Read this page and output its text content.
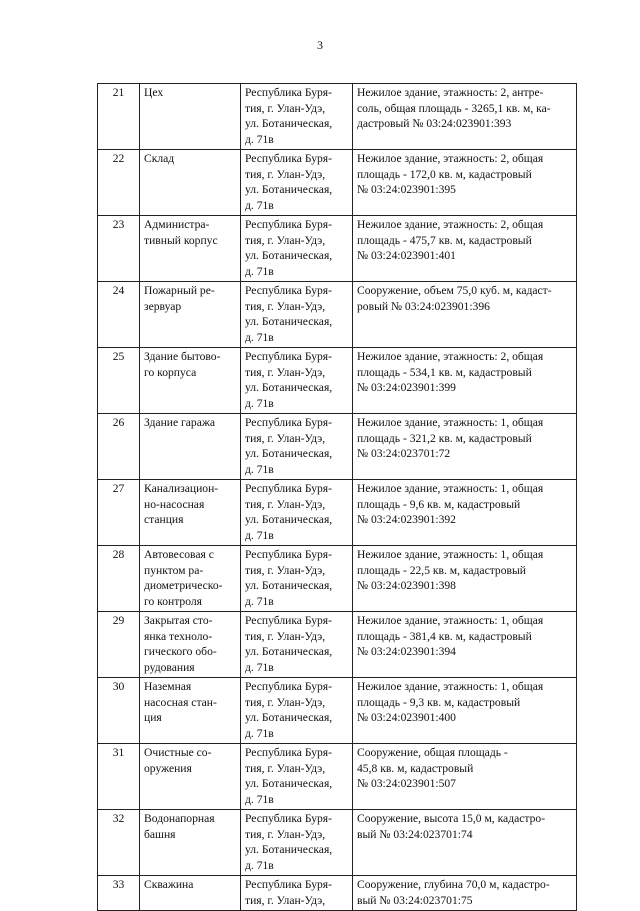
3
21	Цех	Республика Буря-
тия, г. Улан-Удэ,
ул. Ботаническая,
д. 71в	Нежилое здание, этажность: 2, антре-
соль, общая площадь - 3265,1 кв. м, ка-
дастровый № 03:24:023901:393

22	Склад	Республика Буря-
тия, г. Улан-Удэ,
ул. Ботаническая,
д. 71в	Нежилое здание, этажность: 2, общая
площадь - 172,0 кв. м, кадастровый
№ 03:24:023901:395

23	Администра-
тивный корпус	Республика Буря-
тия, г. Улан-Удэ,
ул. Ботаническая,
д. 71в	Нежилое здание, этажность: 2, общая
площадь - 475,7 кв. м, кадастровый
№ 03:24:023901:401

24	Пожарный ре-
зервуар	Республика Буря-
тия, г. Улан-Удэ,
ул. Ботаническая,
д. 71в	Сооружение, объем 75,0 куб. м, кадаст-
ровый № 03:24:023901:396

25	Здание бытово-
го корпуса	Республика Буря-
тия, г. Улан-Удэ,
ул. Ботаническая,
д. 71в	Нежилое здание, этажность: 2, общая
площадь - 534,1 кв. м, кадастровый
№ 03:24:023901:399

26	Здание гаража	Республика Буря-
тия, г. Улан-Удэ,
ул. Ботаническая,
д. 71в	Нежилое здание, этажность: 1, общая
площадь - 321,2 кв. м, кадастровый
№ 03:24:023701:72

27	Канализацион-
но-насосная
станция	Республика Буря-
тия, г. Улан-Удэ,
ул. Ботаническая,
д. 71в	Нежилое здание, этажность: 1, общая
площадь - 9,6 кв. м, кадастровый
№ 03:24:023901:392

28	Автовесовая с
пунктом ра-
диометрическо-
го контроля	Республика Буря-
тия, г. Улан-Удэ,
ул. Ботаническая,
д. 71в	Нежилое здание, этажность: 1, общая
площадь - 22,5 кв. м, кадастровый
№ 03:24:023901:398

29	Закрытая сто-
янка техноло-
гического обо-
рудования	Республика Буря-
тия, г. Улан-Удэ,
ул. Ботаническая,
д. 71в	Нежилое здание, этажность: 1, общая
площадь - 381,4 кв. м, кадастровый
№ 03:24:023901:394

30	Наземная
насосная стан-
ция	Республика Буря-
тия, г. Улан-Удэ,
ул. Ботаническая,
д. 71в	Нежилое здание, этажность: 1, общая
площадь - 9,3 кв. м, кадастровый
№ 03:24:023901:400

31	Очистные со-
оружения	Республика Буря-
тия, г. Улан-Удэ,
ул. Ботаническая,
д. 71в	Сооружение, общая площадь -
45,8 кв. м, кадастровый
№ 03:24:023901:507

32	Водонапорная
башня	Республика Буря-
тия, г. Улан-Удэ,
ул. Ботаническая,
д. 71в	Сооружение, высота 15,0 м, кадастро-
вый № 03:24:023701:74

33	Скважина	Республика Буря-
тия, г. Улан-Удэ,	Сооружение, глубина 70,0 м, кадастро-
вый № 03:24:023701:75
